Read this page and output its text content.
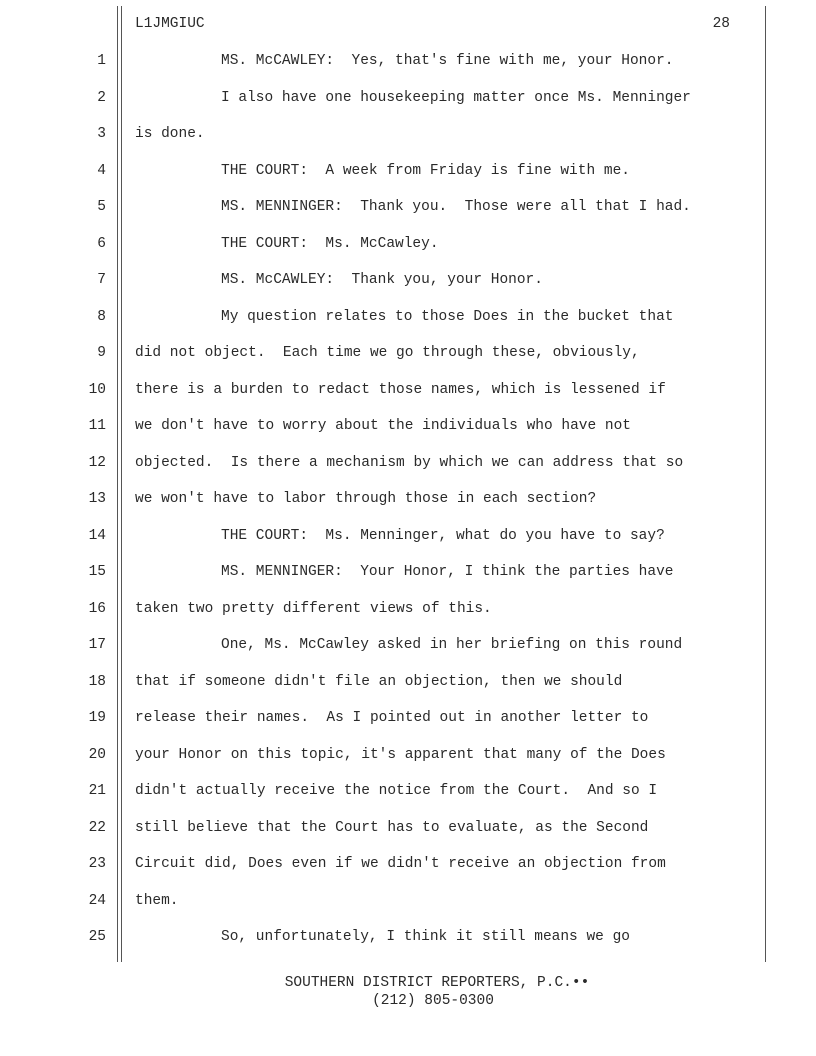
L1JMGIUC	28
1	MS. McCAWLEY:  Yes, that's fine with me, your Honor.
2	I also have one housekeeping matter once Ms. Menninger
3 is done.
4	THE COURT:  A week from Friday is fine with me.
5	MS. MENNINGER:  Thank you.  Those were all that I had.
6	THE COURT:  Ms. McCawley.
7	MS. McCAWLEY:  Thank you, your Honor.
8	My question relates to those Does in the bucket that
9 did not object.  Each time we go through these, obviously,
10 there is a burden to redact those names, which is lessened if
11 we don't have to worry about the individuals who have not
12 objected.  Is there a mechanism by which we can address that so
13 we won't have to labor through those in each section?
14	THE COURT:  Ms. Menninger, what do you have to say?
15	MS. MENNINGER:  Your Honor, I think the parties have
16 taken two pretty different views of this.
17	One, Ms. McCawley asked in her briefing on this round
18 that if someone didn't file an objection, then we should
19 release their names.  As I pointed out in another letter to
20 your Honor on this topic, it's apparent that many of the Does
21 didn't actually receive the notice from the Court.  And so I
22 still believe that the Court has to evaluate, as the Second
23 Circuit did, Does even if we didn't receive an objection from
24 them.
25	So, unfortunately, I think it still means we go
SOUTHERN DISTRICT REPORTERS, P.C.••
(212) 805-0300
